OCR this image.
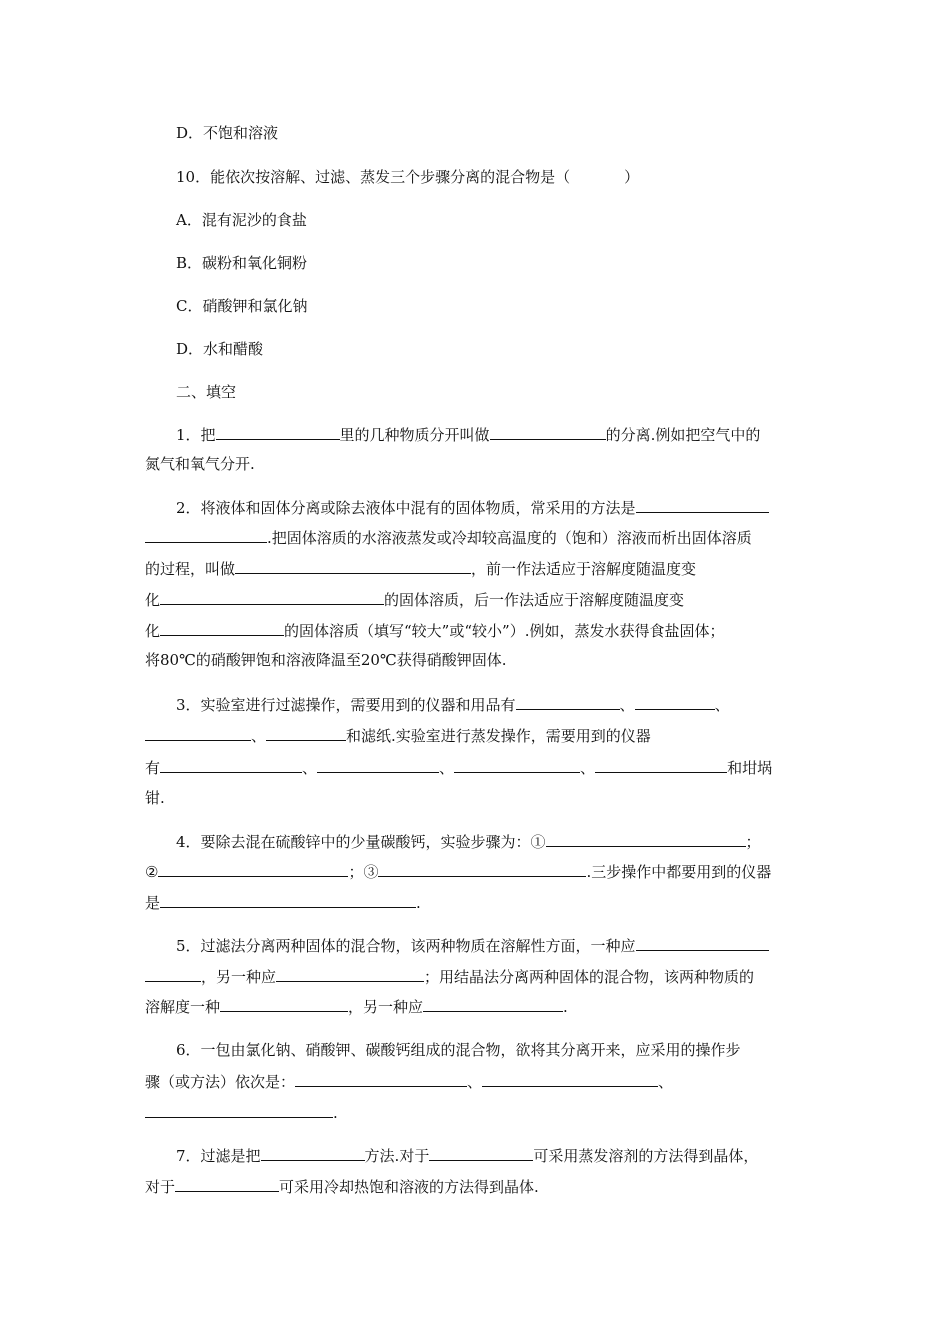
D．不饱和溶液
10．能依次按溶解、过滤、蒸发三个步骤分离的混合物是（	）
A．混有泥沙的食盐
B．碳粉和氧化铜粉
C．硝酸钾和氯化钠
D．水和醋酸
二、填空
1．把	里的几种物质分开叫做	的分离.例如把空气中的
氮气和氧气分开.
2．将液体和固体分离或除去液体中混有的固体物质，常采用的方法是
.把固体溶质的水溶液蒸发或冷却较高温度的（饱和）溶液而析出固体溶质
的过程，叫做	，前一作法适应于溶解度随温度变
化	的固体溶质，后一作法适应于溶解度随温度变
化	的固体溶质（填写“较大”或“较小”）.例如，蒸发水获得食盐固体；
将80℃的硝酸钾饱和溶液降温至20℃获得硝酸钾固体.
3．实验室进行过滤操作，需要用到的仪器和用品有	、	、
、	和滤纸.实验室进行蒸发操作，需要用到的仪器
有	、	、	、	和坩埚
钳.
4．要除去混在硫酸锌中的少量碳酸钙，实验步骤为：①	；
②	；③	.三步操作中都要用到的仪器
是	.
5．过滤法分离两种固体的混合物，该两种物质在溶解性方面，一种应
，另一种应	；用结晶法分离两种固体的混合物，该两种物质的
溶解度一种	，另一种应	.
6．一包由氯化钠、硝酸钾、碳酸钙组成的混合物，欲将其分离开来，应采用的操作步
骤（或方法）依次是：	、	、
.
7．过滤是把	方法.对于	可采用蒸发溶剂的方法得到晶体，
对于	可采用冷却热饱和溶液的方法得到晶体.
